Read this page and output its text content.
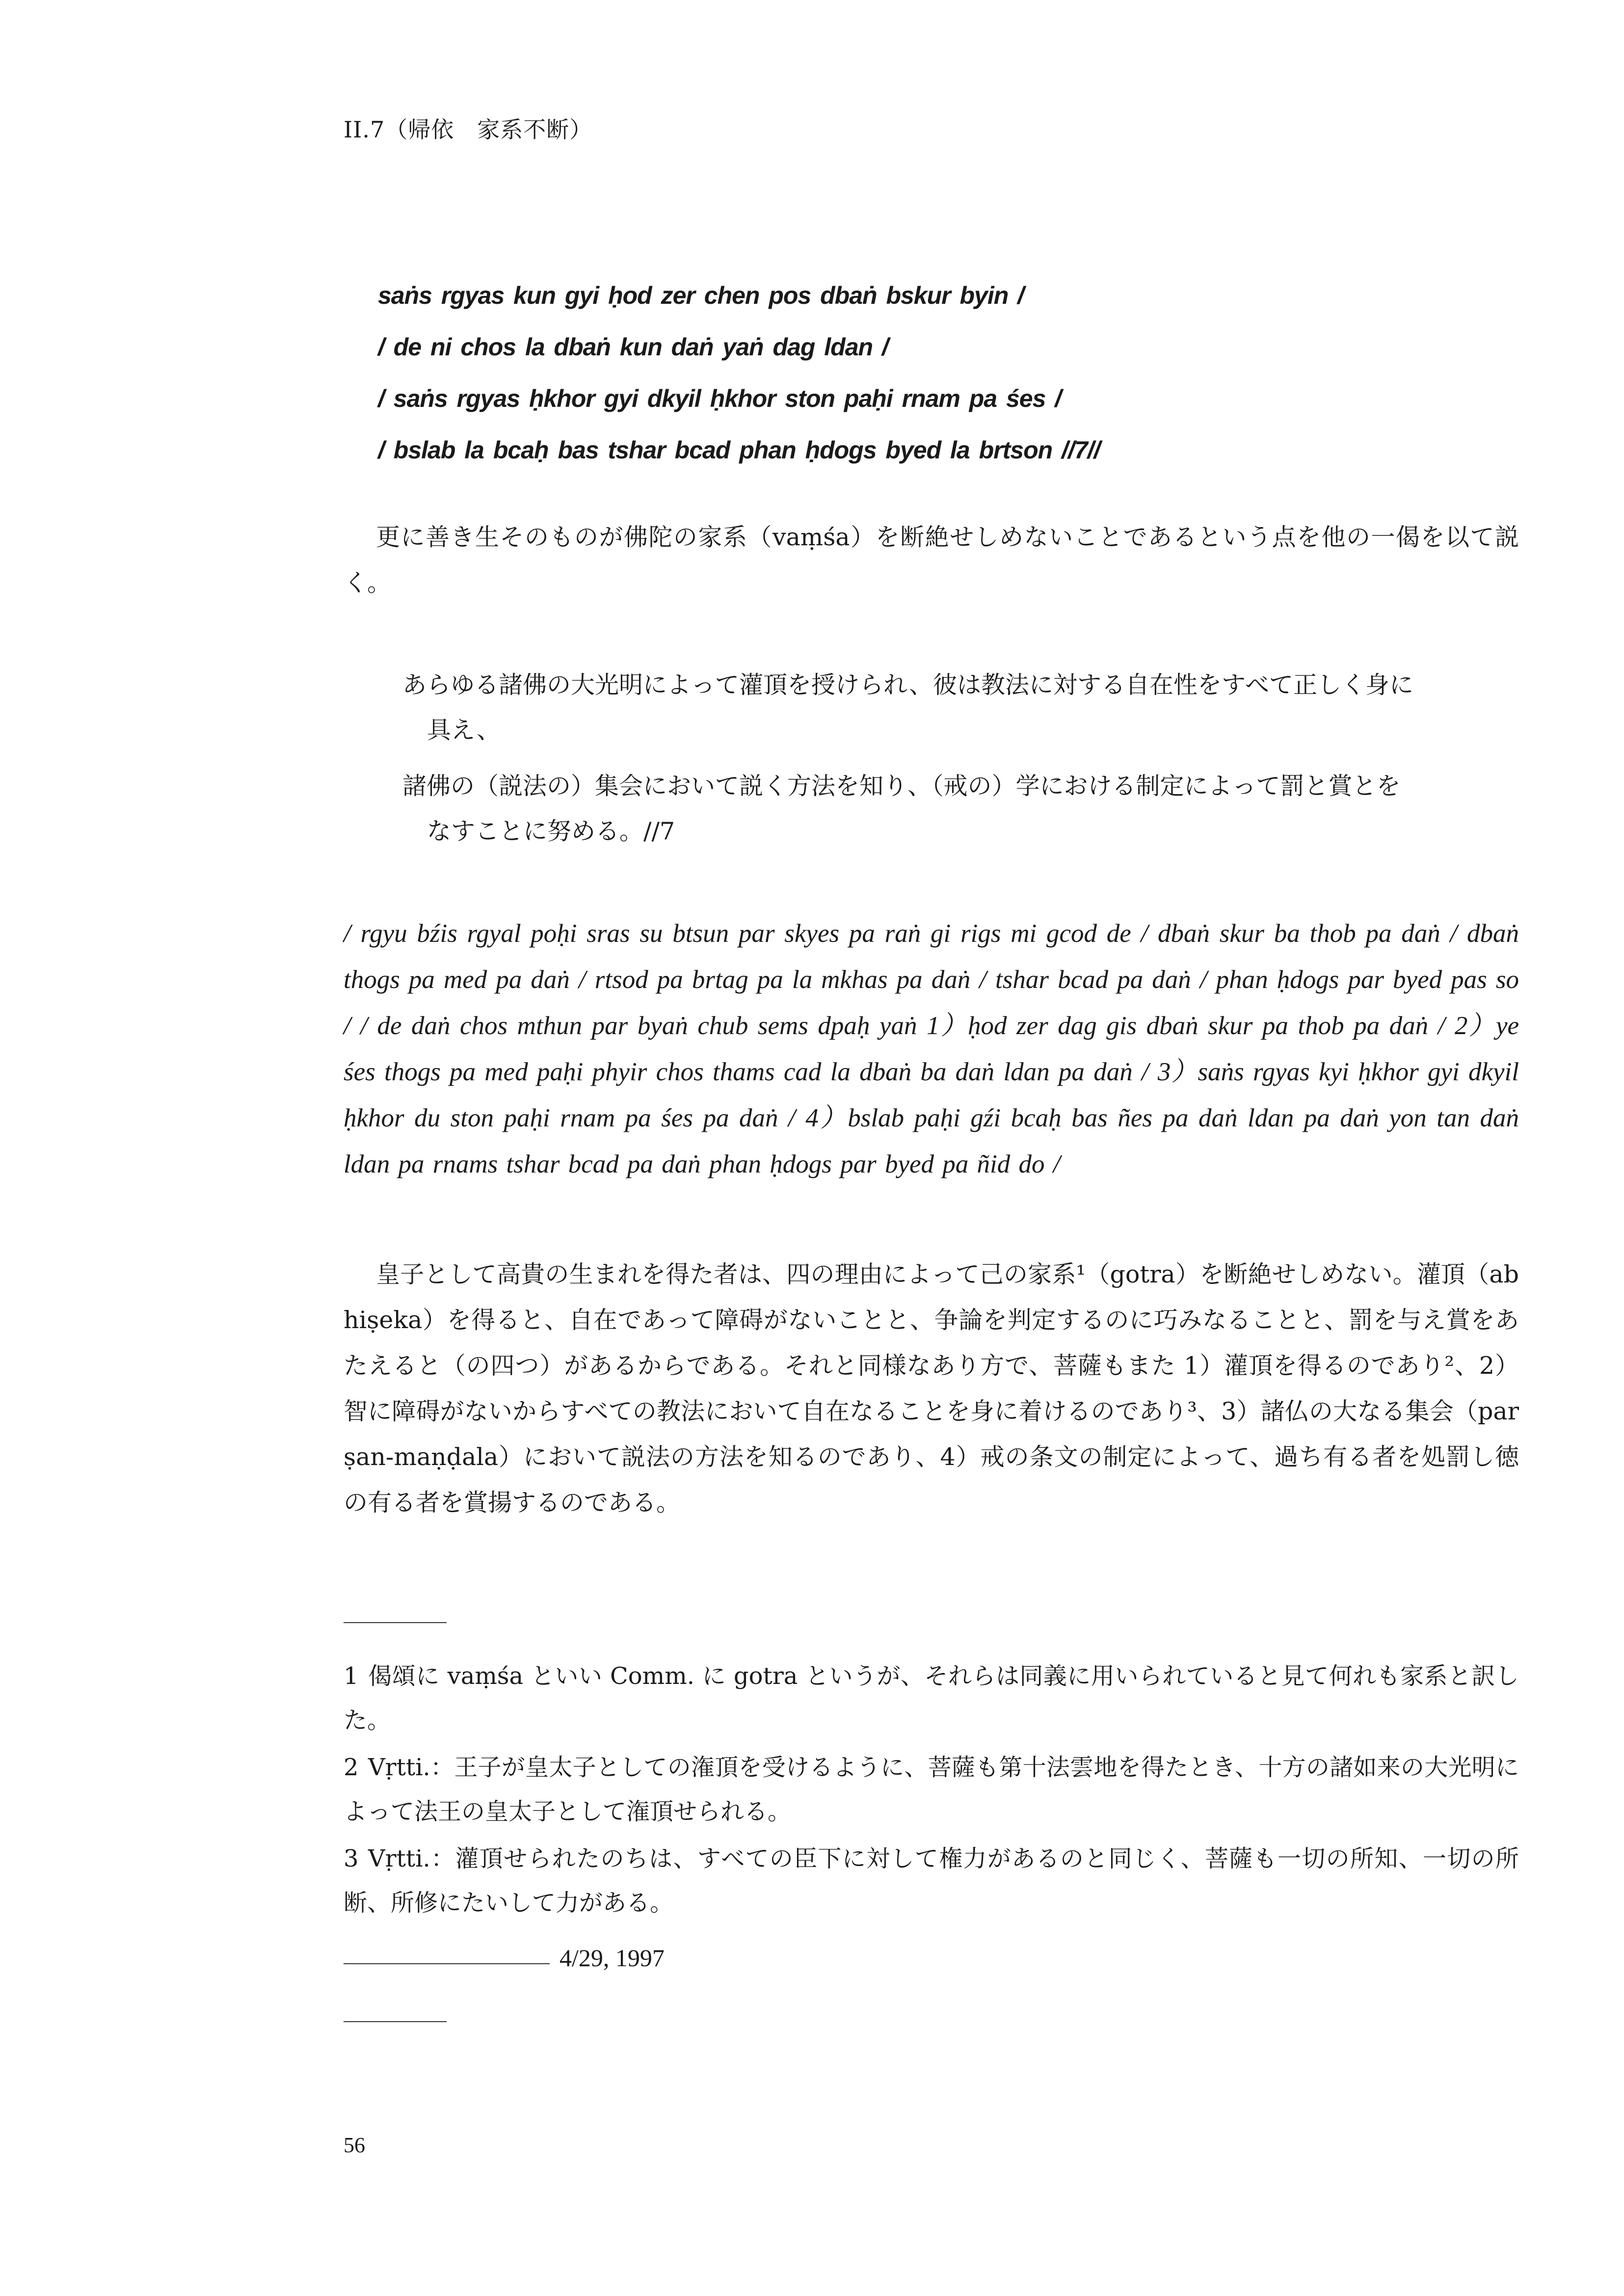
II.7（帰依　家系不断）
saṅs rgyas kun gyi ḥod zer chen pos dbaṅ bskur byin /
/ de ni chos la dbaṅ kun daṅ yaṅ dag ldan /
/ saṅs rgyas ḥkhor gyi dkyil ḥkhor ston paḥi rnam pa śes /
/ bslab la bcaḥ bas tshar bcad phan ḥdogs byed la brtson //7//
更に善き生そのものが佛陀の家系（vaṃśa）を断絶せしめないことであるという点を他の一偈を以て説く。
あらゆる諸佛の大光明によって灌頂を授けられ、彼は教法に対する自在性をすべて正しく身に
具え、
諸佛の（説法の）集会において説く方法を知り、（戒の）学における制定によって罰と賞とを
なすことに努める。//7
/ rgyu bźis rgyal poḥi sras su btsun par skyes pa raṅ gi rigs mi gcod de / dbaṅ skur ba thob pa daṅ / dbaṅ thogs pa med pa daṅ / rtsod pa brtag pa la mkhas pa daṅ / tshar bcad pa daṅ / phan ḥdogs par byed pas so / / de daṅ chos mthun par byaṅ chub sems dpaḥ yaṅ 1）ḥod zer dag gis dbaṅ skur pa thob pa daṅ / 2）ye śes thogs pa med paḥi phyir chos thams cad la dbaṅ ba daṅ ldan pa daṅ / 3）saṅs rgyas kyi ḥkhor gyi dkyil ḥkhor du ston paḥi rnam pa śes pa daṅ / 4）bslab paḥi gźi bcaḥ bas ñes pa daṅ ldan pa daṅ yon tan daṅ ldan pa rnams tshar bcad pa daṅ phan ḥdogs par byed pa ñid do /
皇子として高貴の生まれを得た者は、四の理由によって己の家系¹（gotra）を断絶せしめない。灌頂（abhiṣeka）を得ると、自在であって障碍がないことと、争論を判定するのに巧みなることと、罰を与え賞をあたえると（の四つ）があるからである。それと同様なあり方で、菩薩もまた 1）灌頂を得るのであり²、2）智に障碍がないからすべての教法において自在なることを身に着けるのであり³、3）諸仏の大なる集会（parṣan-maṇḍala）において説法の方法を知るのであり、4）戒の条文の制定によって、過ち有る者を処罰し徳の有る者を賞揚するのである。
1 偈頌に vaṃśa といい Comm. に gotra というが、それらは同義に用いられていると見て何れも家系と訳した。
2 Vṛtti.：王子が皇太子としての潅頂を受けるように、菩薩も第十法雲地を得たとき、十方の諸如来の大光明によって法王の皇太子として潅頂せられる。
3 Vṛtti.：灌頂せられたのちは、すべての臣下に対して権力があるのと同じく、菩薩も一切の所知、一切の所断、所修にたいして力がある。
4/29, 1997
56
